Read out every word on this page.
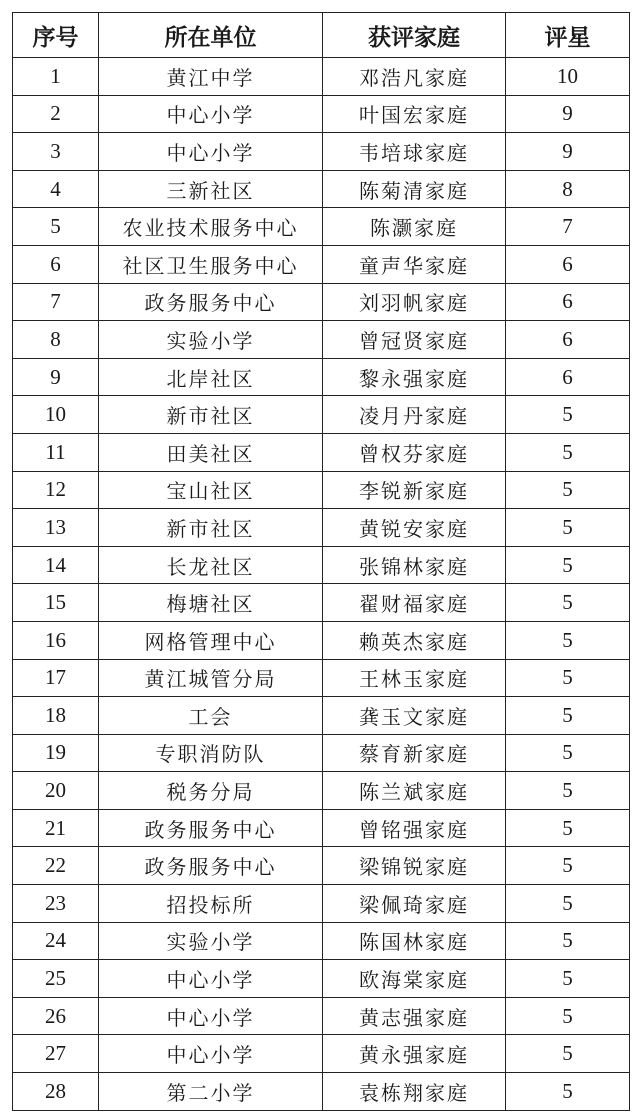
序号	所在单位	获评家庭	评星
1	黄江中学	邓浩凡家庭	10
2	中心小学	叶国宏家庭	9
3	中心小学	韦培球家庭	9
4	三新社区	陈菊清家庭	8
5	农业技术服务中心	陈灏家庭	7
6	社区卫生服务中心	童声华家庭	6
7	政务服务中心	刘羽帆家庭	6
8	实验小学	曾冠贤家庭	6
9	北岸社区	黎永强家庭	6
10	新市社区	凌月丹家庭	5
11	田美社区	曾权芬家庭	5
12	宝山社区	李锐新家庭	5
13	新市社区	黄锐安家庭	5
14	长龙社区	张锦林家庭	5
15	梅塘社区	翟财福家庭	5
16	网格管理中心	赖英杰家庭	5
17	黄江城管分局	王林玉家庭	5
18	工会	龚玉文家庭	5
19	专职消防队	蔡育新家庭	5
20	税务分局	陈兰斌家庭	5
21	政务服务中心	曾铭强家庭	5
22	政务服务中心	梁锦锐家庭	5
23	招投标所	梁佩琦家庭	5
24	实验小学	陈国林家庭	5
25	中心小学	欧海棠家庭	5
26	中心小学	黄志强家庭	5
27	中心小学	黄永强家庭	5
28	第二小学	袁栋翔家庭	5
